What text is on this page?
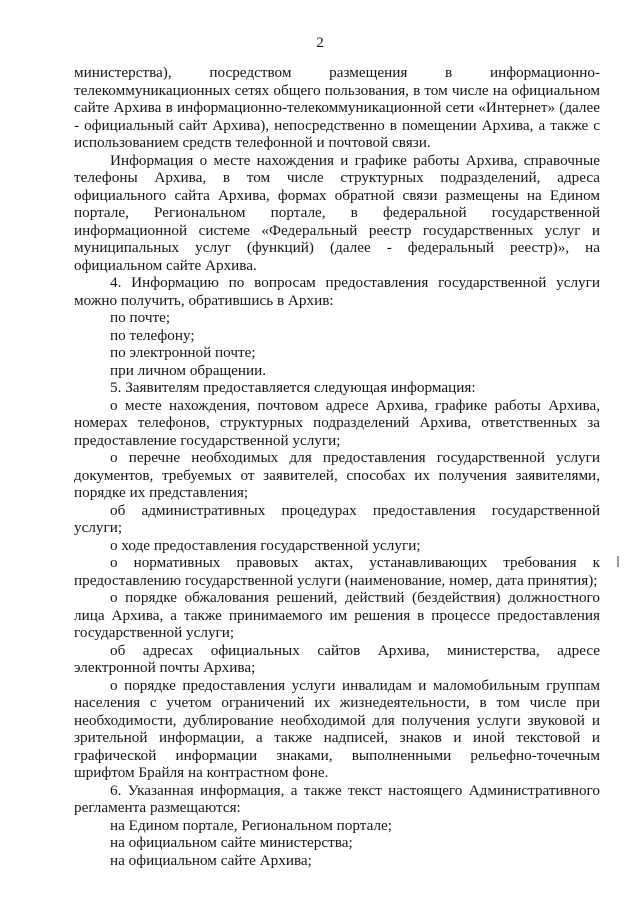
2

министерства), посредством размещения в информационно-телекоммуникационных сетях общего пользования, в том числе на официальном сайте Архива в информационно-телекоммуникационной сети «Интернет» (далее - официальный сайт Архива), непосредственно в помещении Архива, а также с использованием средств телефонной и почтовой связи.

Информация о месте нахождения и графике работы Архива, справочные телефоны Архива, в том числе структурных подразделений, адреса официального сайта Архива, формах обратной связи размещены на Едином портале, Региональном портале, в федеральной государственной информационной системе «Федеральный реестр государственных услуг и муниципальных услуг (функций) (далее - федеральный реестр)», на официальном сайте Архива.

4. Информацию по вопросам предоставления государственной услуги можно получить, обратившись в Архив:

по почте;

по телефону;

по электронной почте;

при личном обращении.

5. Заявителям предоставляется следующая информация:

о месте нахождения, почтовом адресе Архива, графике работы Архива, номерах телефонов, структурных подразделений Архива, ответственных за предоставление государственной услуги;

о перечне необходимых для предоставления государственной услуги документов, требуемых от заявителей, способах их получения заявителями, порядке их представления;

об административных процедурах предоставления государственной услуги;

о ходе предоставления государственной услуги;

о нормативных правовых актах, устанавливающих требования к предоставлению государственной услуги (наименование, номер, дата принятия);

о порядке обжалования решений, действий (бездействия) должностного лица Архива, а также принимаемого им решения в процессе предоставления государственной услуги;

об адресах официальных сайтов Архива, министерства, адресе электронной почты Архива;

о порядке предоставления услуги инвалидам и маломобильным группам населения с учетом ограничений их жизнедеятельности, в том числе при необходимости, дублирование необходимой для получения услуги звуковой и зрительной информации, а также надписей, знаков и иной текстовой и графической информации знаками, выполненными рельефно-точечным шрифтом Брайля на контрастном фоне.

6. Указанная информация, а также текст настоящего Административного регламента размещаются:

на Едином портале, Региональном портале;

на официальном сайте министерства;

на официальном сайте Архива;
